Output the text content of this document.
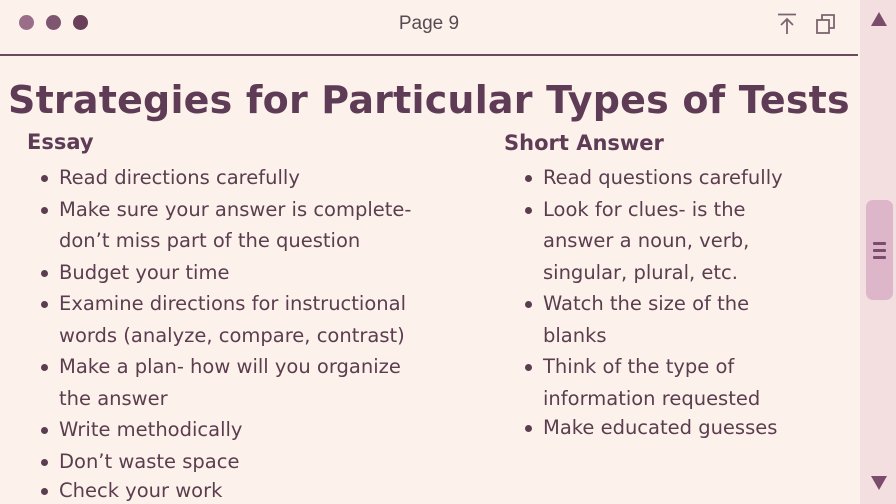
Page 9
Strategies for Particular Types of Tests
Essay
Read directions carefully
Make sure your answer is complete-
don’t miss part of the question
Budget your time
Examine directions for instructional
words (analyze, compare, contrast)
Make a plan- how will you organize
the answer
Write methodically
Don’t waste space
Check your work
Short Answer
Read questions carefully
Look for clues- is the
answer a noun, verb,
singular, plural, etc.
Watch the size of the
blanks
Think of the type of
information requested
Make educated guesses
